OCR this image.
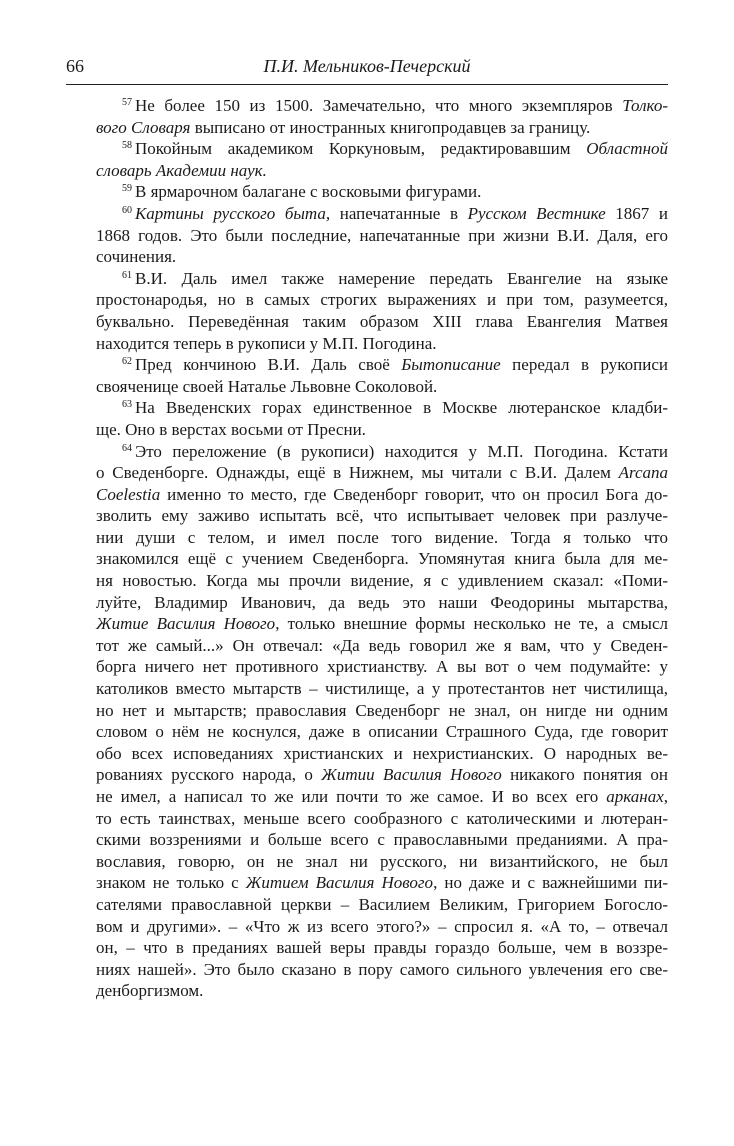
66	П.И. Мельников-Печерский
$^{57}$ Не более 150 из 1500. Замечательно, что много экземпляров Толко-
вого Словаря выписано от иностранных книгопродавцев за границу.
$^{58}$ Покойным академиком Коркуновым, редактировавшим Областной
словарь Академии наук.
$^{59}$ В ярмарочном балагане с восковыми фигурами.
$^{60}$ Картины русского быта, напечатанные в Русском Вестнике 1867 и
1868 годов. Это были последние, напечатанные при жизни В.И. Даля, его
сочинения.
$^{61}$ В.И. Даль имел также намерение передать Евангелие на языке
простонародья, но в самых строгих выражениях и при том, разумеется,
буквально. Переведённая таким образом XIII глава Евангелия Матвея
находится теперь в рукописи у М.П. Погодина.
$^{62}$ Пред кончиною В.И. Даль своё Бытописание передал в рукописи
свояченице своей Наталье Львовне Соколовой.
$^{63}$ На Введенских горах единственное в Москве лютеранское кладби-
ще. Оно в верстах восьми от Пресни.
$^{64}$ Это переложение (в рукописи) находится у М.П. Погодина. Кстати
о Сведенборге. Однажды, ещё в Нижнем, мы читали с В.И. Далем Arcana
Coelestia именно то место, где Сведенборг говорит, что он просил Бога до-
зволить ему заживо испытать всё, что испытывает человек при разлуче-
нии души с телом, и имел после того видение. Тогда я только что
знакомился ещё с учением Сведенборга. Упомянутая книга была для ме-
ня новостью. Когда мы прочли видение, я с удивлением сказал: «Поми-
луйте, Владимир Иванович, да ведь это наши Феодорины мытарства,
Житие Василия Нового, только внешние формы несколько не те, а смысл
тот же самый...» Он отвечал: «Да ведь говорил же я вам, что у Сведен-
борга ничего нет противного христианству. А вы вот о чем подумайте: у
католиков вместо мытарств – чистилище, а у протестантов нет чистилища,
но нет и мытарств; православия Сведенборг не знал, он нигде ни одним
словом о нём не коснулся, даже в описании Страшного Суда, где говорит
обо всех исповеданиях христианских и нехристианских. О народных ве-
рованиях русского народа, о Житии Василия Нового никакого понятия он
не имел, а написал то же или почти то же самое. И во всех его арканах,
то есть таинствах, меньше всего сообразного с католическими и лютеран-
скими воззрениями и больше всего с православными преданиями. А пра-
вославия, говорю, он не знал ни русского, ни византийского, не был
знаком не только с Житием Василия Нового, но даже и с важнейшими пи-
сателями православной церкви – Василием Великим, Григорием Богосло-
вом и другими». – «Что ж из всего этого?» – спросил я. «А то, – отвечал
он, – что в преданиях вашей веры правды гораздо больше, чем в воззре-
ниях нашей». Это было сказано в пору самого сильного увлечения его све-
денборгизмом.
